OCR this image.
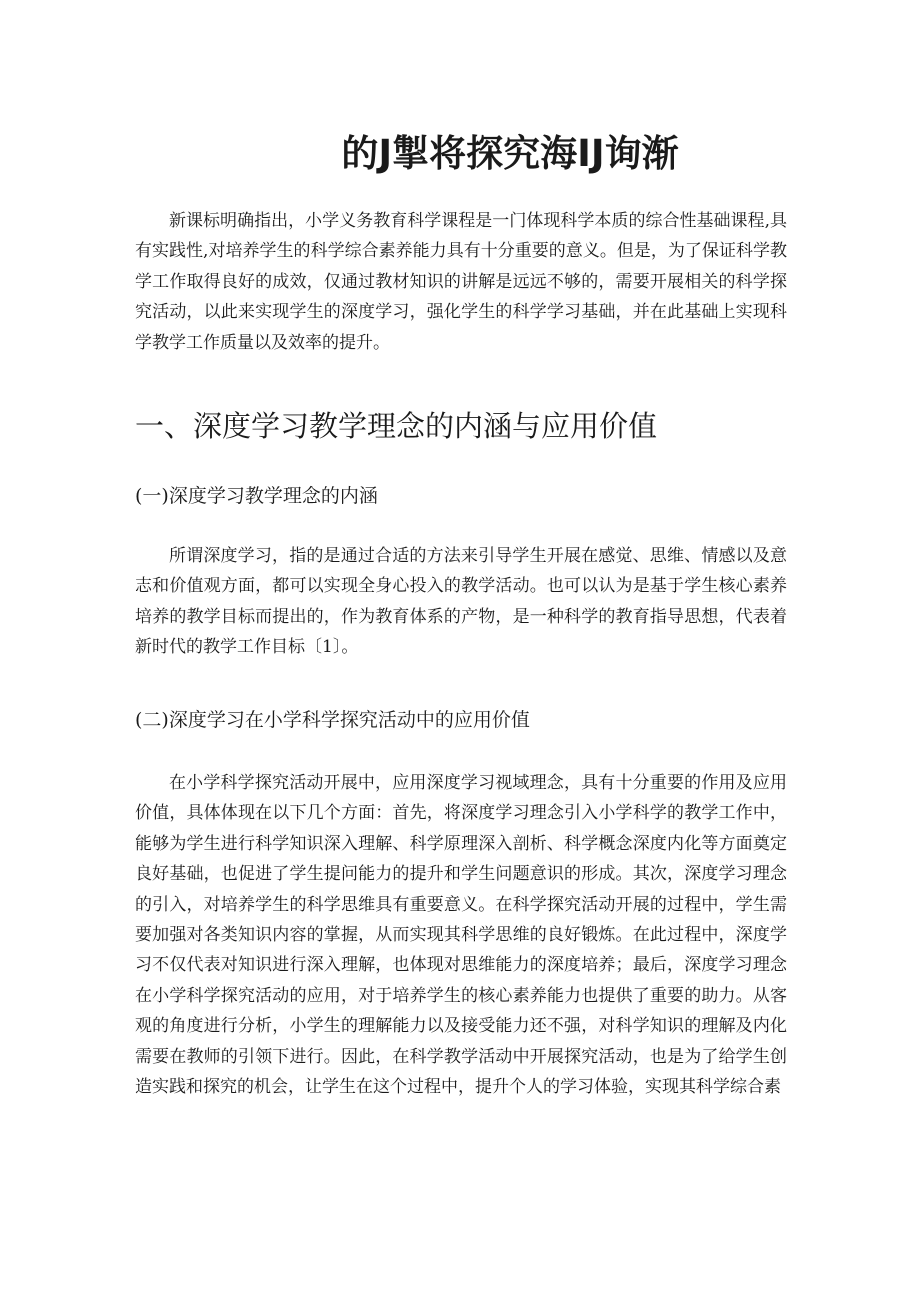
的J掣将探究海IJ询渐

新课标明确指出，小学义务教育科学课程是一门体现科学本质的综合性基础课程,具有实践性,对培养学生的科学综合素养能力具有十分重要的意义。但是，为了保证科学教学工作取得良好的成效，仅通过教材知识的讲解是远远不够的，需要开展相关的科学探究活动，以此来实现学生的深度学习，强化学生的科学学习基础，并在此基础上实现科学教学工作质量以及效率的提升。

一、深度学习教学理念的内涵与应用价值
(一)深度学习教学理念的内涵

所谓深度学习，指的是通过合适的方法来引导学生开展在感觉、思维、情感以及意志和价值观方面，都可以实现全身心投入的教学活动。也可以认为是基于学生核心素养培养的教学目标而提出的，作为教育体系的产物，是一种科学的教育指导思想，代表着新时代的教学工作目标〔1〕。

(二)深度学习在小学科学探究活动中的应用价值

在小学科学探究活动开展中，应用深度学习视域理念，具有十分重要的作用及应用价值，具体体现在以下几个方面：首先，将深度学习理念引入小学科学的教学工作中，能够为学生进行科学知识深入理解、科学原理深入剖析、科学概念深度内化等方面奠定良好基础，也促进了学生提问能力的提升和学生问题意识的形成。其次，深度学习理念的引入，对培养学生的科学思维具有重要意义。在科学探究活动开展的过程中，学生需要加强对各类知识内容的掌握，从而实现其科学思维的良好锻炼。在此过程中，深度学习不仅代表对知识进行深入理解，也体现对思维能力的深度培养；最后，深度学习理念在小学科学探究活动的应用，对于培养学生的核心素养能力也提供了重要的助力。从客观的角度进行分析，小学生的理解能力以及接受能力还不强，对科学知识的理解及内化需要在教师的引领下进行。因此，在科学教学活动中开展探究活动，也是为了给学生创造实践和探究的机会，让学生在这个过程中，提升个人的学习体验，实现其科学综合素
